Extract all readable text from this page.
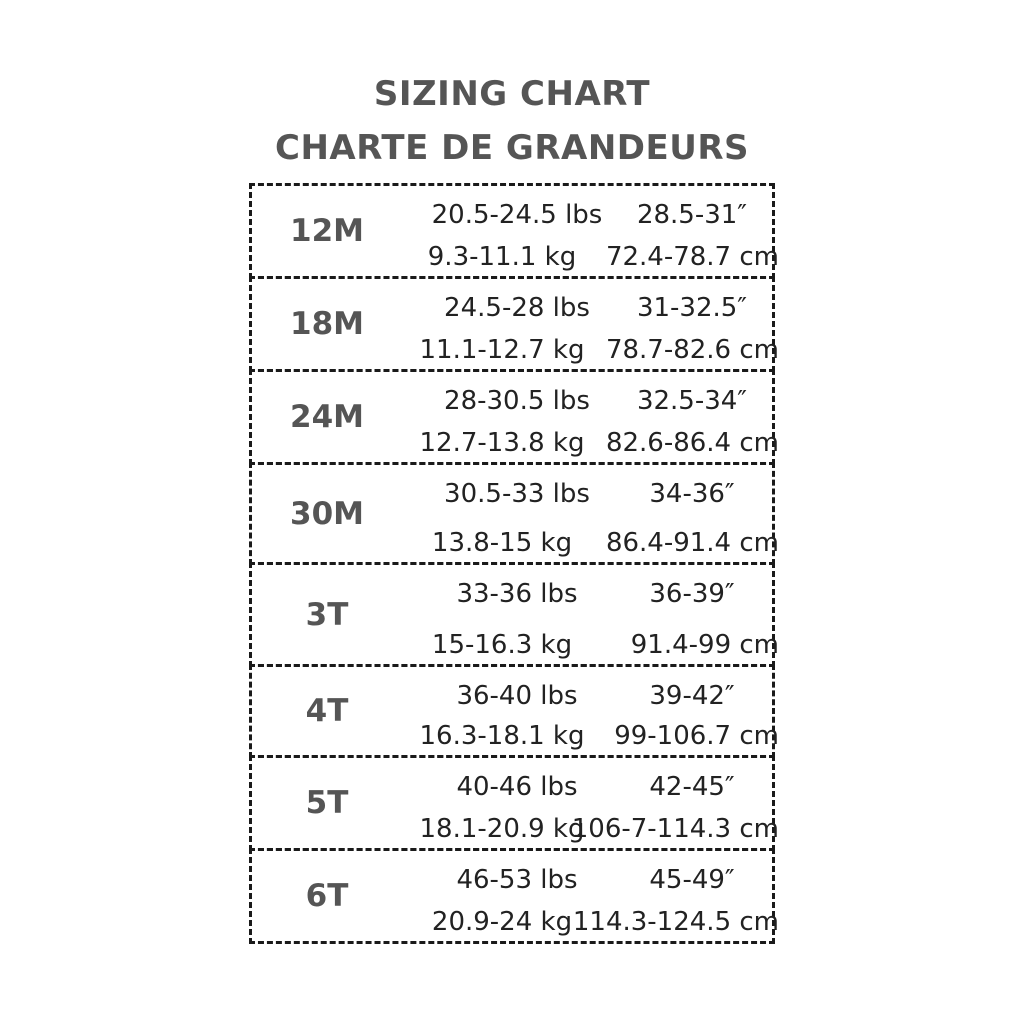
SIZING CHART
CHARTE DE GRANDEURS
12M	20.5-24.5 lbs	28.5-31″
9.3-11.1 kg	72.4-78.7 cm
18M	24.5-28 lbs	31-32.5″
11.1-12.7 kg 78.7-82.6 cm
24M	28-30.5 lbs	32.5-34″
12.7-13.8 kg 82.6-86.4 cm
30M
30.5-33 lbs	34-36″
13.8-15 kg	86.4-91.4 cm
3T
33-36 lbs	36-39″
15-16.3 kg	91.4-99 cm
4T	36-40 lbs	39-42″
16.3-18.1 kg	99-106.7 cm
5T	40-46 lbs	42-45″
18.1-20.9 kg
106-7-114.3 cm
6T	46-53 lbs	45-49″
20.9-24 kg 114.3-124.5 cm
